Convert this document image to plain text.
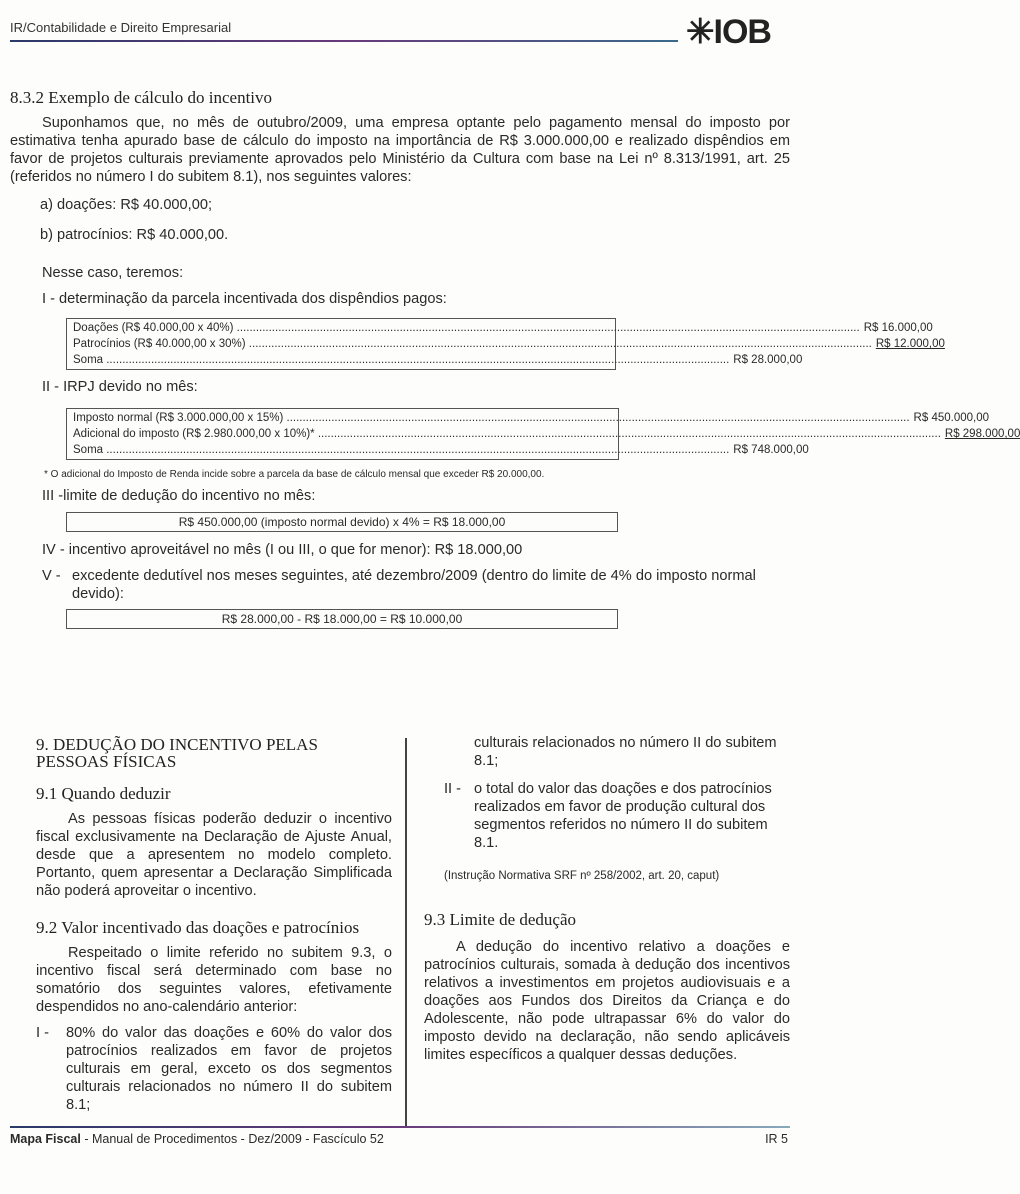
IR/Contabilidade e Direito Empresarial	✳IOB
8.3.2 Exemplo de cálculo do incentivo

Suponhamos que, no mês de outubro/2009, uma empresa optante pelo pagamento mensal do imposto por estimativa tenha apurado base de cálculo do imposto na importância de R$ 3.000.000,00 e realizado dispêndios em favor de projetos culturais previamente aprovados pelo Ministério da Cultura com base na Lei nº 8.313/1991, art. 25 (referidos no número I do subitem 8.1), nos seguintes valores:

a) doações: R$ 40.000,00;

b) patrocínios: R$ 40.000,00.

Nesse caso, teremos:

I - determinação da parcela incentivada dos dispêndios pagos:

Doações (R$ 40.000,00 x 40%) .....	R$ 16.000,00
Patrocínios (R$ 40.000,00 x 30%) .....	R$ 12.000,00
Soma .....	R$ 28.000,00

II - IRPJ devido no mês:

Imposto normal (R$ 3.000.000,00 x 15%) .....	R$ 450.000,00
Adicional do imposto (R$ 2.980.000,00 x 10%)* .....	R$ 298.000,00
Soma .....	R$ 748.000,00
* O adicional do Imposto de Renda incide sobre a parcela da base de cálculo mensal que exceder R$ 20.000,00.

III -limite de dedução do incentivo no mês:

R$ 450.000,00 (imposto normal devido) x 4% = R$ 18.000,00

IV - incentivo aproveitável no mês (I ou III, o que for menor): R$ 18.000,00

V - excedente dedutível nos meses seguintes, até dezembro/2009 (dentro do limite de 4% do imposto normal devido):

R$ 28.000,00 - R$ 18.000,00 = R$ 10.000,00
9. DEDUÇÃO DO INCENTIVO PELAS PESSOAS FÍSICAS
9.1 Quando deduzir

As pessoas físicas poderão deduzir o incentivo fiscal exclusivamente na Declaração de Ajuste Anual, desde que a apresentem no modelo completo. Portanto, quem apresentar a Declaração Simplificada não poderá aproveitar o incentivo.

9.2 Valor incentivado das doações e patrocínios

Respeitado o limite referido no subitem 9.3, o incentivo fiscal será determinado com base no somatório dos seguintes valores, efetivamente despendidos no ano-calendário anterior:

I -	80% do valor das doações e 60% do valor dos patrocínios realizados em favor de projetos culturais em geral, exceto os dos segmentos culturais relacionados no número II do subitem 8.1;

culturais relacionados no número II do subitem 8.1;

II - o total do valor das doações e dos patrocínios realizados em favor de produção cultural dos segmentos referidos no número II do subitem 8.1.

(Instrução Normativa SRF nº 258/2002, art. 20, caput)
9.3 Limite de dedução

A dedução do incentivo relativo a doações e patrocínios culturais, somada à dedução dos incentivos relativos a investimentos em projetos audiovisuais e a doações aos Fundos dos Direitos da Criança e do Adolescente, não pode ultrapassar 6% do valor do imposto devido na declaração, não sendo aplicáveis limites específicos a qualquer dessas deduções.

Mapa Fiscal - Manual de Procedimentos - Dez/2009 - Fascículo 52	IR 5
